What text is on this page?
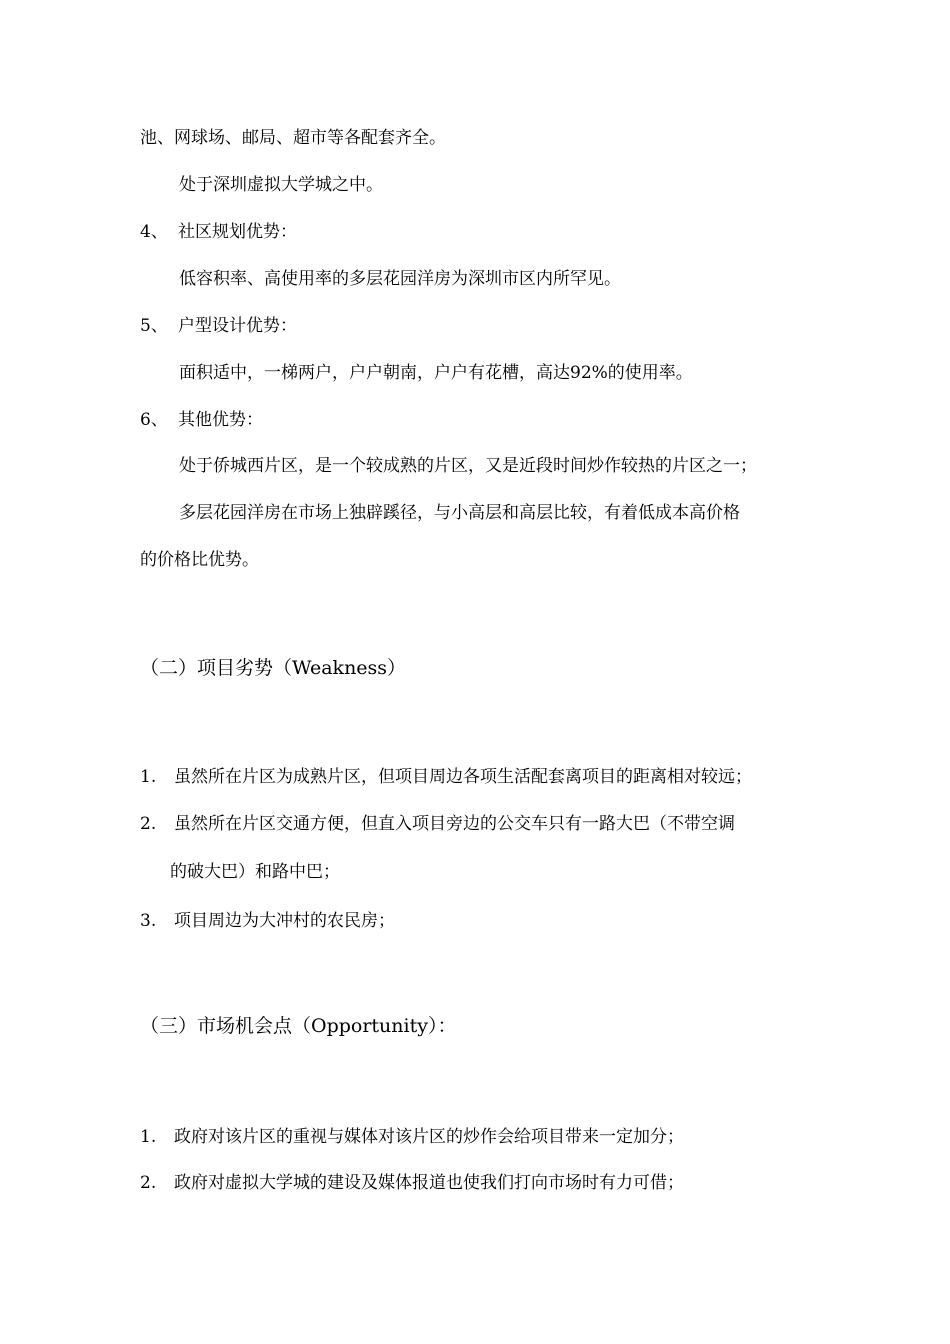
池、网球场、邮局、超市等各配套齐全。
处于深圳虚拟大学城之中。
4、 社区规划优势：
低容积率、高使用率的多层花园洋房为深圳市区内所罕见。
5、 户型设计优势：
面积适中，一梯两户，户户朝南，户户有花槽，高达92%的使用率。
6、 其他优势：
处于侨城西片区，是一个较成熟的片区，又是近段时间炒作较热的片区之一；
多层花园洋房在市场上独辟蹊径，与小高层和高层比较，有着低成本高价格
的价格比优势。
（二）项目劣势（Weakness）
1. 虽然所在片区为成熟片区，但项目周边各项生活配套离项目的距离相对较远；
2. 虽然所在片区交通方便，但直入项目旁边的公交车只有一路大巴（不带空调
的破大巴）和路中巴；
3. 项目周边为大冲村的农民房；
（三）市场机会点（Opportunity）：
1. 政府对该片区的重视与媒体对该片区的炒作会给项目带来一定加分；
2. 政府对虚拟大学城的建设及媒体报道也使我们打向市场时有力可借；
